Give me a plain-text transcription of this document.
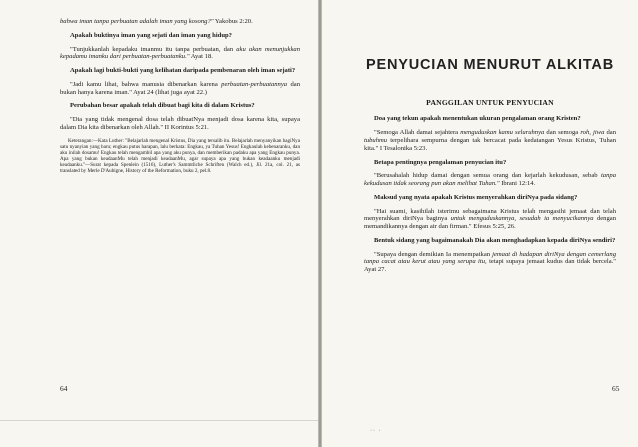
bahwa iman tanpa perbuatan adalah iman yang kosong?" Yakobus 2:20.

Apakah buktinya iman yang sejati dan iman yang hidup?

"Tunjukkanlah kepadaku imanmu itu tanpa perbuatan, dan aku akan menunjukkan kepadamu imanku dari perbuatan-perbuatanku." Ayat 18.

Apakah lagi bukti-bukti yang kelihatan daripada pembenaran oleh iman sejati?

"Jadi kamu lihat, bahwa manusia dibenarkan karena perbuatan-perbuatannya dan bukan hanya karena iman." Ayat 24 (lihat juga ayat 22.)

Perubahan besar apakah telah dibuat bagi kita di dalam Kristus?

"Dia yang tidak mengenal dosa telah dibuatNya menjadi dosa karena kita, supaya dalam Dia kita dibenarkan oleh Allah." II Korintus 5:21.

Keterangan:—Kata Luther: "Belajarlah mengenal Kristus, Dia yang tersalib itu. Belajarlah menyanyikan bagiNya satu nyanyian yang baru; engkau putus harapan, lalu berkata: Engkau, ya Tuhan Yesus! Engkaulah kebenaranku, dan aku inilah dosamu! Engkau telah mengambil apa yang aku punya, dan memberikan padaku apa yang Engkau punya. Apa yang bukan keadaanMu telah menjadi keadaanMu, agar supaya apa yang bukan keadaanku menjadi keadaanku."—Surat kepada Spenlein (1516), Luther's Sammtliche Schriften (Walch ed.), Jil. 21a, col. 21, as translated by Merle D'Aubigne, History of the Reformation, buku 2, pel.8.

64
PENYUCIAN MENURUT ALKITAB
PANGGILAN UNTUK PENYUCIAN

Doa yang tekun apakah menentukan ukuran pengalaman orang Kristen?

"Semoga Allah damai sejahtera menguduskan kamu seluruhnya dan semoga roh, jiwa dan tubuhmu terpelihara sempurna dengan tak bercacat pada kedatangan Yesus Kristus, Tuhan kita." I Tesalonika 5:23.

Betapa pentingnya pengalaman penyucian itu?

"Berusahalah hidup damai dengan semua orang dan kejarlah kekudusan, sebab tanpa kekudusan tidak seorang pun akan melihat Tuhan." Ibrani 12:14.

Maksud yang nyata apakah Kristus menyerahkan diriNya pada sidang?

"Hai suami, kasihilah isterimu sebagaimana Kristus telah mengasihi jemaat dan telah menyerahkan diriNya baginya untuk menguduskannya, sesudah ia menyucikannya dengan memandikannya dengan air dan firman." Efesus 5:25, 26.

Bentuk sidang yang bagaimanakah Dia akan menghadapkan kepada diriNya sendiri?

"Supaya dengan demikian Ia menempatkan jemaat di hadapan diriNya dengan cemerlang tanpa cacat atau kerut atau yang serupa itu, tetapi supaya jemaat kudus dan tidak bercela." Ayat 27.

65
·· ·
